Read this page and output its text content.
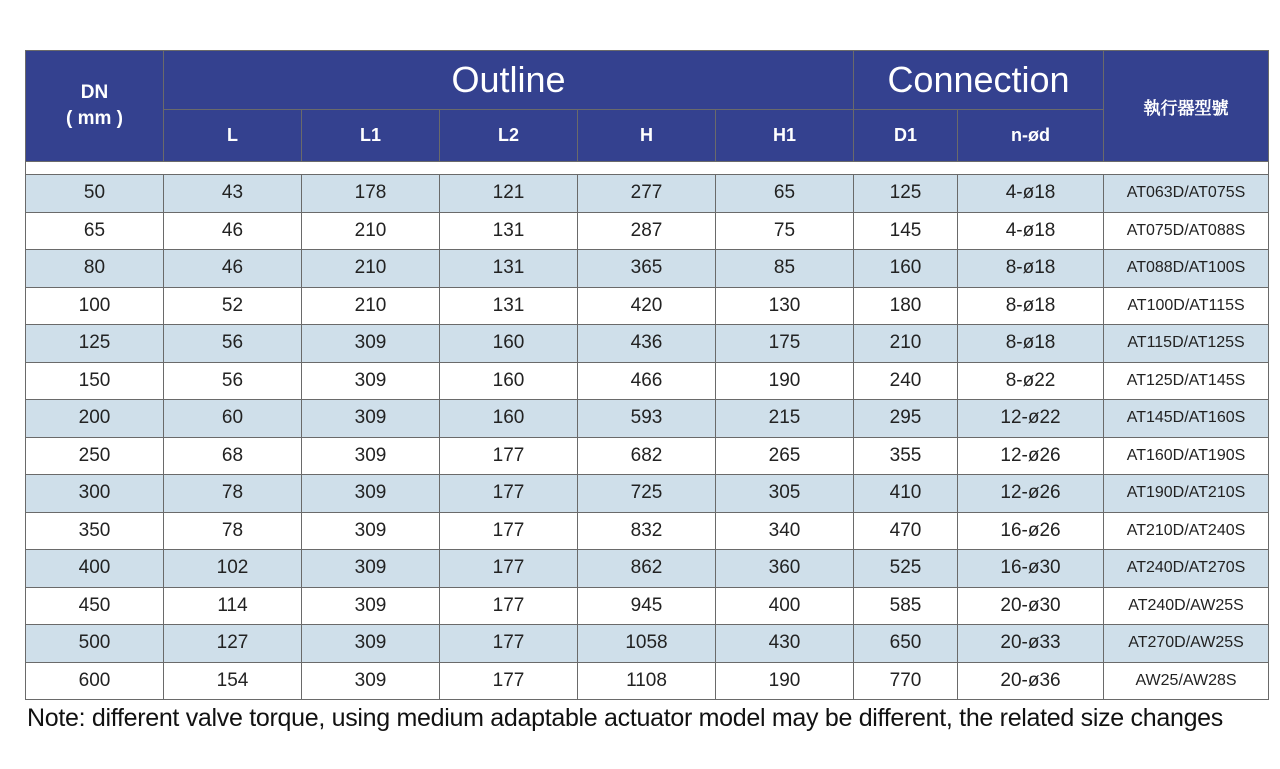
DN
( mm )	Outline					Connection		執行器型號
	L	L1	L2	H	H1	D1	n-ød	

50	43	178	121	277	65	125	4-ø18	AT063D/AT075S
65	46	210	131	287	75	145	4-ø18	AT075D/AT088S
80	46	210	131	365	85	160	8-ø18	AT088D/AT100S
100	52	210	131	420	130	180	8-ø18	AT100D/AT115S
125	56	309	160	436	175	210	8-ø18	AT115D/AT125S
150	56	309	160	466	190	240	8-ø22	AT125D/AT145S
200	60	309	160	593	215	295	12-ø22	AT145D/AT160S
250	68	309	177	682	265	355	12-ø26	AT160D/AT190S
300	78	309	177	725	305	410	12-ø26	AT190D/AT210S
350	78	309	177	832	340	470	16-ø26	AT210D/AT240S
400	102	309	177	862	360	525	16-ø30	AT240D/AT270S
450	114	309	177	945	400	585	20-ø30	AT240D/AW25S
500	127	309	177	1058	430	650	20-ø33	AT270D/AW25S
600	154	309	177	1108	190	770	20-ø36	AW25/AW28S
Note: different valve torque, using medium adaptable actuator model may be different, the related size changes
